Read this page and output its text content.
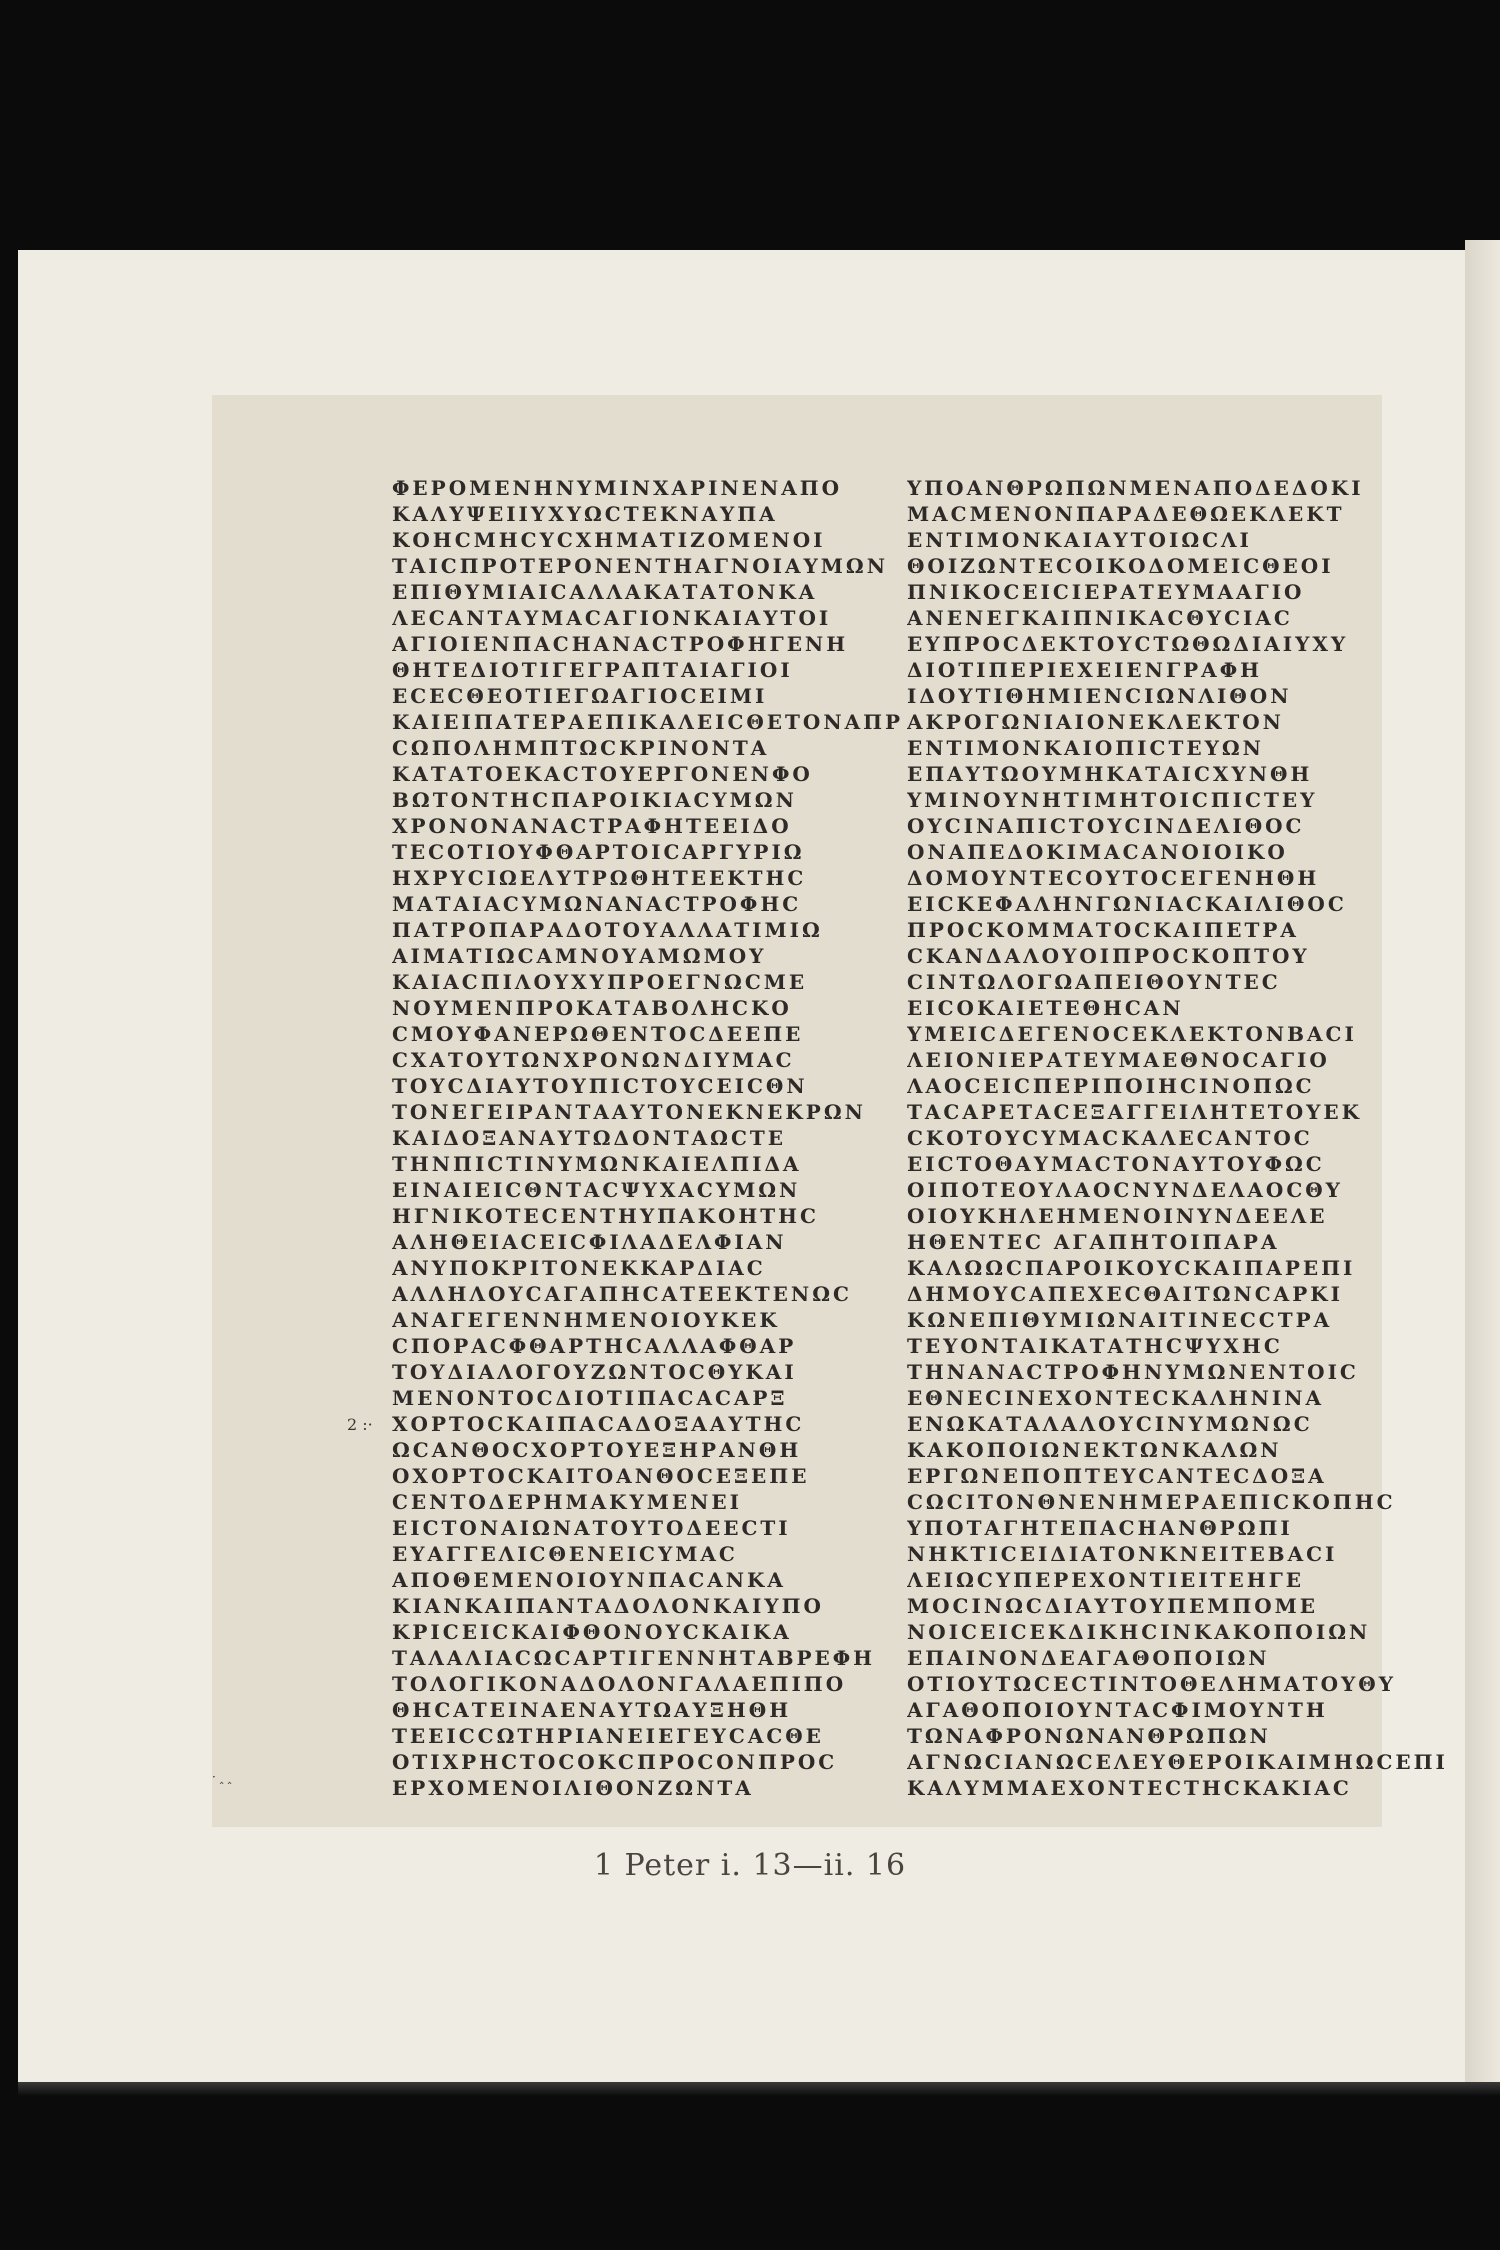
ΦΕΡΟΜΕΝΗΝΥΜΙΝΧΑΡΙΝΕΝΑΠΟ
ΚΑΛΥΨΕΙΙΥΧΥΩCΤΕΚΝΑΥΠΑ
ΚΟΗCΜΗCΥCΧΗΜΑΤΙΖΟΜΕΝΟΙ
ΤΑΙCΠΡΟΤΕΡΟΝΕΝΤΗΑΓΝΟΙΑΥΜΩΝ
ΕΠΙΘΥΜΙΑΙCΑΛΛΑΚΑΤΑΤΟΝΚΑ
ΛΕCΑΝΤΑΥΜΑCΑΓΙΟΝΚΑΙΑΥΤΟΙ
ΑΓΙΟΙΕΝΠΑCΗΑΝΑCΤΡΟΦΗΓΕΝΗ
ΘΗΤΕΔΙΟΤΙΓΕΓΡΑΠΤΑΙΑΓΙΟΙ
ΕCΕCΘΕΟΤΙΕΓΩΑΓΙΟCΕΙΜΙ
ΚΑΙΕΙΠΑΤΕΡΑΕΠΙΚΑΛΕΙCΘΕΤΟΝΑΠΡ
CΩΠΟΛΗΜΠΤΩCΚΡΙΝΟΝΤΑ
ΚΑΤΑΤΟΕΚΑCΤΟΥΕΡΓΟΝΕΝΦΟ
ΒΩΤΟΝΤΗCΠΑΡΟΙΚΙΑCΥΜΩΝ
ΧΡΟΝΟΝΑΝΑCΤΡΑΦΗΤΕΕΙΔΟ
ΤΕCΟΤΙΟΥΦΘΑΡΤΟΙCΑΡΓΥΡΙΩ
ΗΧΡΥCΙΩΕΛΥΤΡΩΘΗΤΕΕΚΤΗC
ΜΑΤΑΙΑCΥΜΩΝΑΝΑCΤΡΟΦΗC
ΠΑΤΡΟΠΑΡΑΔΟΤΟΥΑΛΛΑΤΙΜΙΩ
ΑΙΜΑΤΙΩCΑΜΝΟΥΑΜΩΜΟΥ
ΚΑΙΑCΠΙΛΟΥΧΥΠΡΟΕΓΝΩCΜΕ
ΝΟΥΜΕΝΠΡΟΚΑΤΑΒΟΛΗCΚΟ
CΜΟΥΦΑΝΕΡΩΘΕΝΤΟCΔΕΕΠΕ
CΧΑΤΟΥΤΩΝΧΡΟΝΩΝΔΙΥΜΑC
ΤΟΥCΔΙΑΥΤΟΥΠΙCΤΟΥCΕΙCΘΝ
ΤΟΝΕΓΕΙΡΑΝΤΑΑΥΤΟΝΕΚΝΕΚΡΩΝ
ΚΑΙΔΟΞΑΝΑΥΤΩΔΟΝΤΑΩCΤΕ
ΤΗΝΠΙCΤΙΝΥΜΩΝΚΑΙΕΛΠΙΔΑ
ΕΙΝΑΙΕΙCΘΝΤΑCΨΥΧΑCΥΜΩΝ
ΗΓΝΙΚΟΤΕCΕΝΤΗΥΠΑΚΟΗΤΗC
ΑΛΗΘΕΙΑCΕΙCΦΙΛΑΔΕΛΦΙΑΝ
ΑΝΥΠΟΚΡΙΤΟΝΕΚΚΑΡΔΙΑC
ΑΛΛΗΛΟΥCΑΓΑΠΗCΑΤΕΕΚΤΕΝΩC
ΑΝΑΓΕΓΕΝΝΗΜΕΝΟΙΟΥΚΕΚ
CΠΟΡΑCΦΘΑΡΤΗCΑΛΛΑΦΘΑΡ
ΤΟΥΔΙΑΛΟΓΟΥΖΩΝΤΟCΘΥΚΑΙ
ΜΕΝΟΝΤΟCΔΙΟΤΙΠΑCΑCΑΡΞ
ΧΟΡΤΟCΚΑΙΠΑCΑΔΟΞΑΑΥΤΗC
ΩCΑΝΘΟCΧΟΡΤΟΥΕΞΗΡΑΝΘΗ
ΟΧΟΡΤΟCΚΑΙΤΟΑΝΘΟCΕΞΕΠΕ
CΕΝΤΟΔΕΡΗΜΑΚΥΜΕΝΕΙ
ΕΙCΤΟΝΑΙΩΝΑΤΟΥΤΟΔΕΕCΤΙ
ΕΥΑΓΓΕΛΙCΘΕΝΕΙCΥΜΑC
ΑΠΟΘΕΜΕΝΟΙΟΥΝΠΑCΑΝΚΑ
ΚΙΑΝΚΑΙΠΑΝΤΑΔΟΛΟΝΚΑΙΥΠΟ
ΚΡΙCΕΙCΚΑΙΦΘΟΝΟΥCΚΑΙΚΑ
ΤΑΛΑΛΙΑCΩCΑΡΤΙΓΕΝΝΗΤΑΒΡΕΦΗ
ΤΟΛΟΓΙΚΟΝΑΔΟΛΟΝΓΑΛΑΕΠΙΠΟ
ΘΗCΑΤΕΙΝΑΕΝΑΥΤΩΑΥΞΗΘΗ
ΤΕΕΙCCΩΤΗΡΙΑΝΕΙΕΓΕΥCΑCΘΕ
ΟΤΙΧΡΗCΤΟCΟΚCΠΡΟCΟΝΠΡΟC
ΕΡΧΟΜΕΝΟΙΛΙΘΟΝΖΩΝΤΑ
ΥΠΟΑΝΘΡΩΠΩΝΜΕΝΑΠΟΔΕΔΟΚΙ
ΜΑCΜΕΝΟΝΠΑΡΑΔΕΘΩΕΚΛΕΚΤ
ΕΝΤΙΜΟΝΚΑΙΑΥΤΟΙΩCΛΙ
ΘΟΙΖΩΝΤΕCΟΙΚΟΔΟΜΕΙCΘΕΟΙ
ΠΝΙΚΟCΕΙCΙΕΡΑΤΕΥΜΑΑΓΙΟ
ΑΝΕΝΕΓΚΑΙΠΝΙΚΑCΘΥCΙΑC
ΕΥΠΡΟCΔΕΚΤΟΥCΤΩΘΩΔΙΑΙΥΧΥ
ΔΙΟΤΙΠΕΡΙΕΧΕΙΕΝΓΡΑΦΗ
ΙΔΟΥΤΙΘΗΜΙΕΝCΙΩΝΛΙΘΟΝ
ΑΚΡΟΓΩΝΙΑΙΟΝΕΚΛΕΚΤΟΝ
ΕΝΤΙΜΟΝΚΑΙΟΠΙCΤΕΥΩΝ
ΕΠΑΥΤΩΟΥΜΗΚΑΤΑΙCΧΥΝΘΗ
ΥΜΙΝΟΥΝΗΤΙΜΗΤΟΙCΠΙCΤΕΥ
ΟΥCΙΝΑΠΙCΤΟΥCΙΝΔΕΛΙΘΟC
ΟΝΑΠΕΔΟΚΙΜΑCΑΝΟΙΟΙΚΟ
ΔΟΜΟΥΝΤΕCΟΥΤΟCΕΓΕΝΗΘΗ
ΕΙCΚΕΦΑΛΗΝΓΩΝΙΑCΚΑΙΛΙΘΟC
ΠΡΟCΚΟΜΜΑΤΟCΚΑΙΠΕΤΡΑ
CΚΑΝΔΑΛΟΥΟΙΠΡΟCΚΟΠΤΟΥ
CΙΝΤΩΛΟΓΩΑΠΕΙΘΟΥΝΤΕC
ΕΙCΟΚΑΙΕΤΕΘΗCΑΝ
ΥΜΕΙCΔΕΓΕΝΟCΕΚΛΕΚΤΟΝΒΑCΙ
ΛΕΙΟΝΙΕΡΑΤΕΥΜΑΕΘΝΟCΑΓΙΟ
ΛΑΟCΕΙCΠΕΡΙΠΟΙΗCΙΝΟΠΩC
ΤΑCΑΡΕΤΑCΕΞΑΓΓΕΙΛΗΤΕΤΟΥΕΚ
CΚΟΤΟΥCΥΜΑCΚΑΛΕCΑΝΤΟC
ΕΙCΤΟΘΑΥΜΑCΤΟΝΑΥΤΟΥΦΩC
ΟΙΠΟΤΕΟΥΛΑΟCΝΥΝΔΕΛΑΟCΘΥ
ΟΙΟΥΚΗΛΕΗΜΕΝΟΙΝΥΝΔΕΕΛΕ
ΗΘΕΝΤΕC ΑΓΑΠΗΤΟΙΠΑΡΑ
ΚΑΛΩΩCΠΑΡΟΙΚΟΥCΚΑΙΠΑΡΕΠΙ
ΔΗΜΟΥCΑΠΕΧΕCΘΑΙΤΩΝCΑΡΚΙ
ΚΩΝΕΠΙΘΥΜΙΩΝΑΙΤΙΝΕCCΤΡΑ
ΤΕΥΟΝΤΑΙΚΑΤΑΤΗCΨΥΧΗC
ΤΗΝΑΝΑCΤΡΟΦΗΝΥΜΩΝΕΝΤΟΙC
ΕΘΝΕCΙΝΕΧΟΝΤΕCΚΑΛΗΝΙΝΑ
ΕΝΩΚΑΤΑΛΑΛΟΥCΙΝΥΜΩΝΩC
ΚΑΚΟΠΟΙΩΝΕΚΤΩΝΚΑΛΩΝ
ΕΡΓΩΝΕΠΟΠΤΕΥCΑΝΤΕCΔΟΞΑ
CΩCΙΤΟΝΘΝΕΝΗΜΕΡΑΕΠΙCΚΟΠΗC
ΥΠΟΤΑΓΗΤΕΠΑCΗΑΝΘΡΩΠΙ
ΝΗΚΤΙCΕΙΔΙΑΤΟΝΚΝΕΙΤΕΒΑCΙ
ΛΕΙΩCΥΠΕΡΕΧΟΝΤΙΕΙΤΕΗΓΕ
ΜΟCΙΝΩCΔΙΑΥΤΟΥΠΕΜΠΟΜΕ
ΝΟΙCΕΙCΕΚΔΙΚΗCΙΝΚΑΚΟΠΟΙΩΝ
ΕΠΑΙΝΟΝΔΕΑΓΑΘΟΠΟΙΩΝ
ΟΤΙΟΥΤΩCΕCΤΙΝΤΟΘΕΛΗΜΑΤΟΥΘΥ
ΑΓΑΘΟΠΟΙΟΥΝΤΑCΦΙΜΟΥΝΤΗ
ΤΩΝΑΦΡΟΝΩΝΑΝΘΡΩΠΩΝ
ΑΓΝΩCΙΑΝΩCΕΛΕΥΘΕΡΟΙΚΑΙΜΗΩCΕΠΙ
ΚΑΛΥΜΜΑΕΧΟΝΤΕCΤΗCΚΑΚΙΑC
2 :·
· ‸ ‸
1 Peter i. 13—ii. 16
